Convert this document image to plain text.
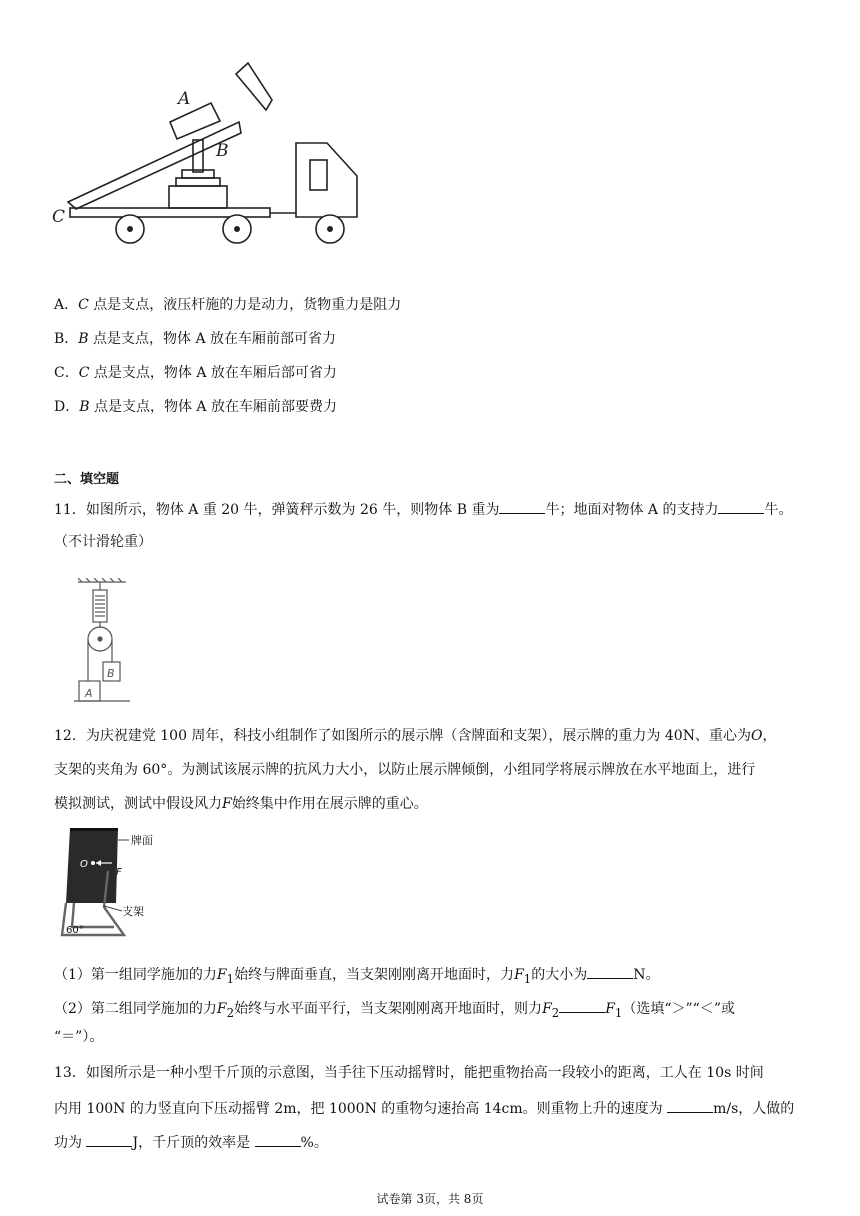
A
B
C
A．C 点是支点，液压杆施的力是动力，货物重力是阻力
B．B 点是支点，物体 A 放在车厢前部可省力
C．C 点是支点，物体 A 放在车厢后部可省力
D．B 点是支点，物体 A 放在车厢前部要费力
二、填空题
11．如图所示，物体 A 重 20 牛，弹簧秤示数为 26 牛，则物体 B 重为	牛；地面对物体 A 的支持力	牛。
（不计滑轮重）
B
A
12．为庆祝建党 100 周年，科技小组制作了如图所示的展示牌（含牌面和支架），展示牌的重力为 40N、重心为O，
支架的夹角为 60°。为测试该展示牌的抗风力大小，以防止展示牌倾倒，小组同学将展示牌放在水平地面上，进行
模拟测试，测试中假设风力F始终集中作用在展示牌的重心。
O
F
牌面
支架
60°
（1）第一组同学施加的力$F_1$始终与牌面垂直，当支架刚刚离开地面时，力$F_1$的大小为	N。
（2）第二组同学施加的力$F_2$始终与水平面平行，当支架刚刚离开地面时，则力$F_2$	$F_1$（选填“＞”“＜”或
“＝”）。
13．如图所示是一种小型千斤顶的示意图，当手往下压动摇臂时，能把重物抬高一段较小的距离，工人在 10s 时间
内用 100N 的力竖直向下压动摇臂 2m，把 1000N 的重物匀速抬高 14cm。则重物上升的速度为	m/s，人做的
功为	J，千斤顶的效率是	%。
试卷第 3页，共 8页
